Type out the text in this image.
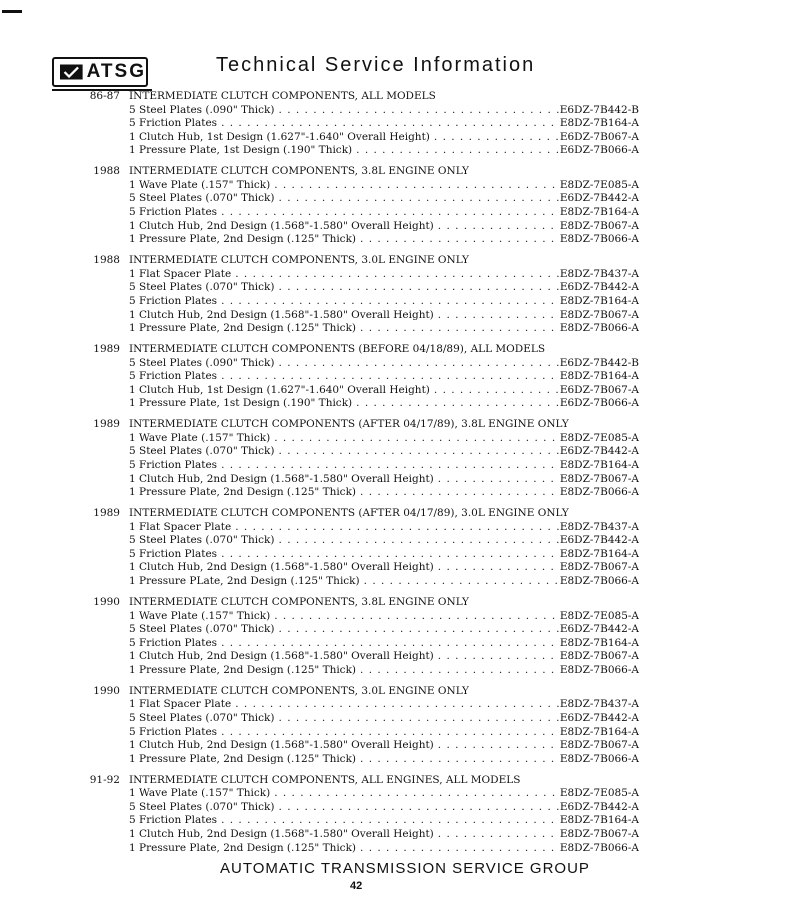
ATSG	Technical Service Information
86-87 INTERMEDIATE CLUTCH COMPONENTS, ALL MODELS
5 Steel Plates (.090" Thick) . . .	E6DZ-7B442-B
5 Friction Plates . . .	E8DZ-7B164-A
1 Clutch Hub, 1st Design (1.627"-1.640" Overall Height) . . .	E6DZ-7B067-A
1 Pressure Plate, 1st Design (.190" Thick) . . .	E6DZ-7B066-A
1988 INTERMEDIATE CLUTCH COMPONENTS, 3.8L ENGINE ONLY
1 Wave Plate (.157" Thick) . . .	E8DZ-7E085-A
5 Steel Plates (.070" Thick) . . .	E6DZ-7B442-A
5 Friction Plates . . .	E8DZ-7B164-A
1 Clutch Hub, 2nd Design (1.568"-1.580" Overall Height) . . .	E8DZ-7B067-A
1 Pressure Plate, 2nd Design (.125" Thick) . . .	E8DZ-7B066-A
1988 INTERMEDIATE CLUTCH COMPONENTS, 3.0L ENGINE ONLY
1 Flat Spacer Plate . . .	E8DZ-7B437-A
5 Steel Plates (.070" Thick) . . .	E6DZ-7B442-A
5 Friction Plates . . .	E8DZ-7B164-A
1 Clutch Hub, 2nd Design (1.568"-1.580" Overall Height) . . .	E8DZ-7B067-A
1 Pressure Plate, 2nd Design (.125" Thick) . . .	E8DZ-7B066-A
1989 INTERMEDIATE CLUTCH COMPONENTS (BEFORE 04/18/89), ALL MODELS
5 Steel Plates (.090" Thick) . . .	E6DZ-7B442-B
5 Friction Plates . . .	E8DZ-7B164-A
1 Clutch Hub, 1st Design (1.627"-1.640" Overall Height) . . .	E6DZ-7B067-A
1 Pressure Plate, 1st Design (.190" Thick) . . .	E6DZ-7B066-A
1989 INTERMEDIATE CLUTCH COMPONENTS (AFTER 04/17/89), 3.8L ENGINE ONLY
1 Wave Plate (.157" Thick) . . .	E8DZ-7E085-A
5 Steel Plates (.070" Thick) . . .	E6DZ-7B442-A
5 Friction Plates . . .	E8DZ-7B164-A
1 Clutch Hub, 2nd Design (1.568"-1.580" Overall Height) . . .	E8DZ-7B067-A
1 Pressure Plate, 2nd Design (.125" Thick) . . .	E8DZ-7B066-A
1989 INTERMEDIATE CLUTCH COMPONENTS (AFTER 04/17/89), 3.0L ENGINE ONLY
1 Flat Spacer Plate . . .	E8DZ-7B437-A
5 Steel Plates (.070" Thick) . . .	E6DZ-7B442-A
5 Friction Plates . . .	E8DZ-7B164-A
1 Clutch Hub, 2nd Design (1.568"-1.580" Overall Height) . . .	E8DZ-7B067-A
1 Pressure PLate, 2nd Design (.125" Thick) . . .	E8DZ-7B066-A
1990 INTERMEDIATE CLUTCH COMPONENTS, 3.8L ENGINE ONLY
1 Wave Plate (.157" Thick) . . .	E8DZ-7E085-A
5 Steel Plates (.070" Thick) . . .	E6DZ-7B442-A
5 Friction Plates . . .	E8DZ-7B164-A
1 Clutch Hub, 2nd Design (1.568"-1.580" Overall Height) . . .	E8DZ-7B067-A
1 Pressure Plate, 2nd Design (.125" Thick) . . .	E8DZ-7B066-A
1990 INTERMEDIATE CLUTCH COMPONENTS, 3.0L ENGINE ONLY
1 Flat Spacer Plate . . .	E8DZ-7B437-A
5 Steel Plates (.070" Thick) . . .	E6DZ-7B442-A
5 Friction Plates . . .	E8DZ-7B164-A
1 Clutch Hub, 2nd Design (1.568"-1.580" Overall Height) . . .	E8DZ-7B067-A
1 Pressure Plate, 2nd Design (.125" Thick) . . .	E8DZ-7B066-A
91-92 INTERMEDIATE CLUTCH COMPONENTS, ALL ENGINES, ALL MODELS
1 Wave Plate (.157" Thick) . . .	E8DZ-7E085-A
5 Steel Plates (.070" Thick) . . .	E6DZ-7B442-A
5 Friction Plates . . .	E8DZ-7B164-A
1 Clutch Hub, 2nd Design (1.568"-1.580" Overall Height) . . .	E8DZ-7B067-A
1 Pressure Plate, 2nd Design (.125" Thick) . . .	E8DZ-7B066-A
AUTOMATIC TRANSMISSION SERVICE GROUP
42
